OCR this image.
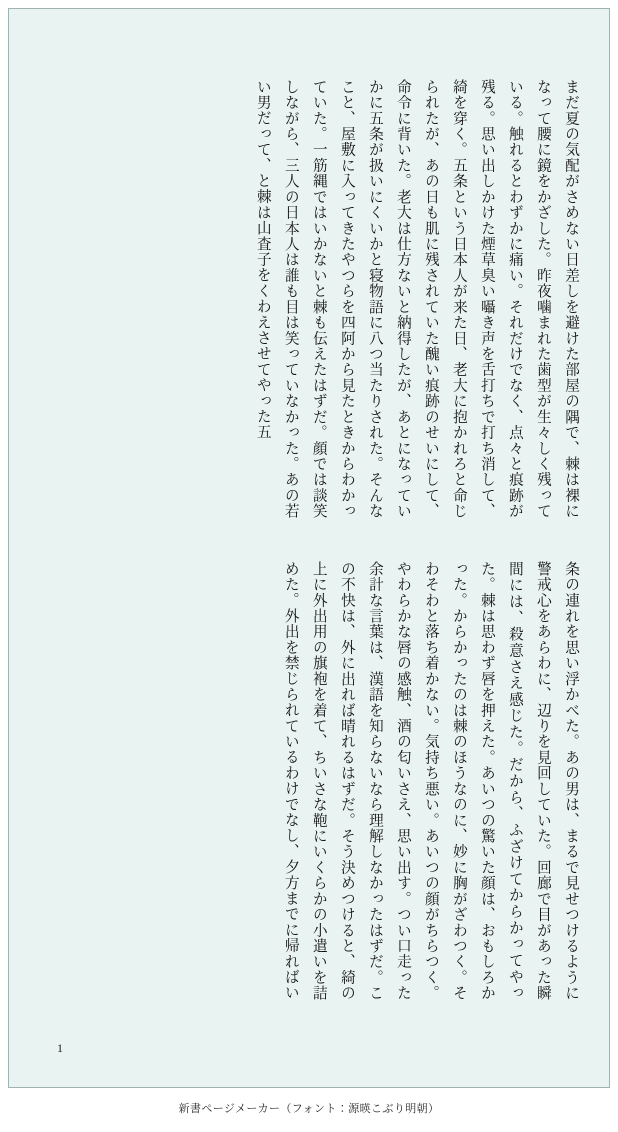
まだ夏の気配がさめない日差しを避けた部屋の隅で、棘は裸になって腰に鏡をかざした。昨夜噛まれた歯型が生々しく残っている。触れるとわずかに痛い。それだけでなく、点々と痕跡が残る。思い出しかけた煙草臭い囁き声を舌打ちで打ち消して、綺を穿く。五条という日本人が来た日、老大に抱かれろと命じられたが、あの日も肌に残されていた醜い痕跡のせいにして、命令に背いた。老大は仕方ないと納得したが、あとになっていかに五条が扱いにくいかと寝物語に八つ当たりされた。そんなこと、屋敷に入ってきたやつらを四阿から見たときからわかっていた。一筋縄ではいかないと棘も伝えたはずだ。顔では談笑しながら、三人の日本人は誰も目は笑っていなかった。あの若い男だって、と棘は山査子をくわえさせてやった五
条の連れを思い浮かべた。あの男は、まるで見せつけるように警戒心をあらわに、辺りを見回していた。回廊で目があった瞬間には、殺意さえ感じた。だから、ふざけてからかってやった。棘は思わず唇を押えた。あいつの驚いた顔は、おもしろかった。からかったのは棘のほうなのに、妙に胸がざわつく。そわそわと落ち着かない。気持ち悪い。あいつの顔がちらつく。やわらかな唇の感触、酒の匂いさえ、思い出す。つい口走った余計な言葉は、漢語を知らないなら理解しなかったはずだ。この不快は、外に出れば晴れるはずだ。そう決めつけると、綺の上に外出用の旗袍を着て、ちいさな鞄にいくらかの小遣いを詰めた。外出を禁じられているわけでなし、夕方までに帰ればい
1
新書ページメーカー（フォント：源暎こぶり明朝）
